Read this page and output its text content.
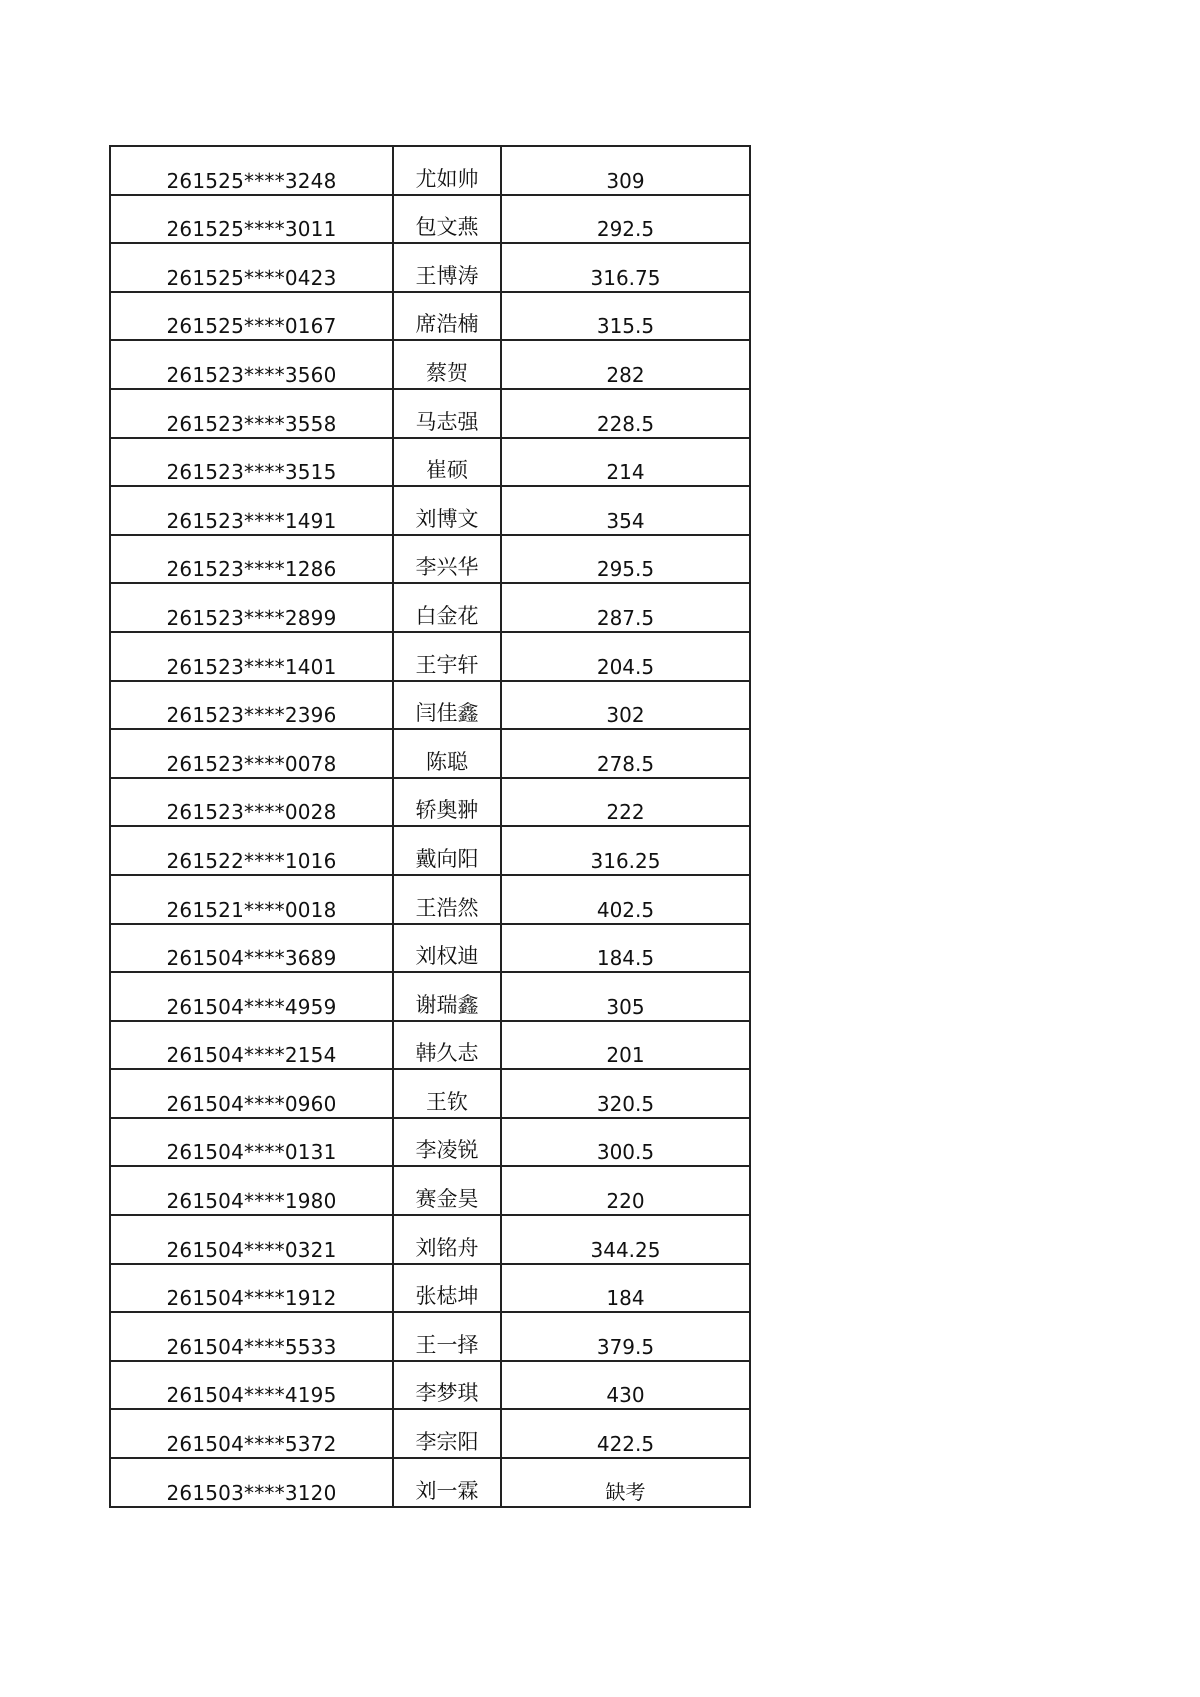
261525****3248	尤如帅	309
261525****3011	包文燕	292.5
261525****0423	王博涛	316.75
261525****0167	席浩楠	315.5
261523****3560	蔡贺	282
261523****3558	马志强	228.5
261523****3515	崔硕	214
261523****1491	刘博文	354
261523****1286	李兴华	295.5
261523****2899	白金花	287.5
261523****1401	王宇轩	204.5
261523****2396	闫佳鑫	302
261523****0078	陈聪	278.5
261523****0028	轿奥翀	222
261522****1016	戴向阳	316.25
261521****0018	王浩然	402.5
261504****3689	刘权迪	184.5
261504****4959	谢瑞鑫	305
261504****2154	韩久志	201
261504****0960	王钦	320.5
261504****0131	李凌锐	300.5
261504****1980	赛金昊	220
261504****0321	刘铭舟	344.25
261504****1912	张梽坤	184
261504****5533	王一择	379.5
261504****4195	李梦琪	430
261504****5372	李宗阳	422.5
261503****3120	刘一霖	缺考
